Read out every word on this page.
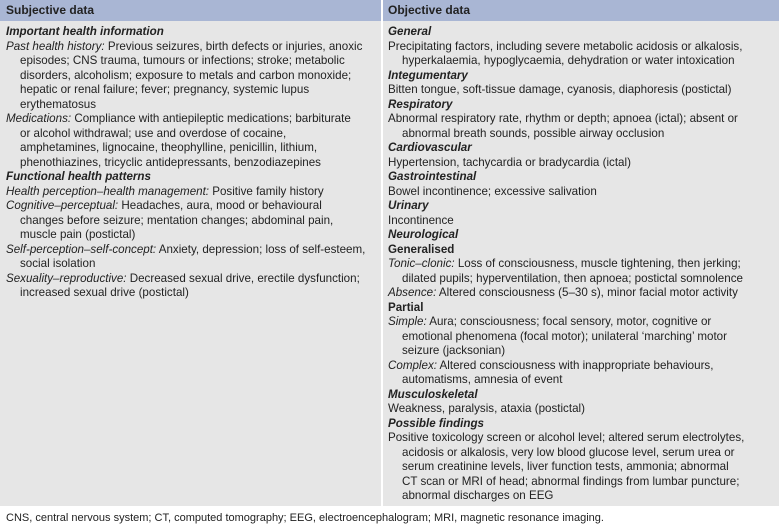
Subjective data	Objective data
Important health information
Past health history: Previous seizures, birth defects or injuries, anoxic
episodes; CNS trauma, tumours or infections; stroke; metabolic
disorders, alcoholism; exposure to metals and carbon monoxide;
hepatic or renal failure; fever; pregnancy, systemic lupus
erythematosus
Medications: Compliance with antiepileptic medications; barbiturate
or alcohol withdrawal; use and overdose of cocaine,
amphetamines, lignocaine, theophylline, penicillin, lithium,
phenothiazines, tricyclic antidepressants, benzodiazepines
Functional health patterns
Health perception–health management: Positive family history
Cognitive–perceptual: Headaches, aura, mood or behavioural
changes before seizure; mentation changes; abdominal pain,
muscle pain (postictal)
Self-perception–self-concept: Anxiety, depression; loss of self-esteem,
social isolation
Sexuality–reproductive: Decreased sexual drive, erectile dysfunction;
increased sexual drive (postictal)
General
Precipitating factors, including severe metabolic acidosis or alkalosis,
hyperkalaemia, hypoglycaemia, dehydration or water intoxication
Integumentary
Bitten tongue, soft-tissue damage, cyanosis, diaphoresis (postictal)
Respiratory
Abnormal respiratory rate, rhythm or depth; apnoea (ictal); absent or
abnormal breath sounds, possible airway occlusion
Cardiovascular
Hypertension, tachycardia or bradycardia (ictal)
Gastrointestinal
Bowel incontinence; excessive salivation
Urinary
Incontinence
Neurological
Generalised
Tonic–clonic: Loss of consciousness, muscle tightening, then jerking;
dilated pupils; hyperventilation, then apnoea; postictal somnolence
Absence: Altered consciousness (5–30 s), minor facial motor activity
Partial
Simple: Aura; consciousness; focal sensory, motor, cognitive or
emotional phenomena (focal motor); unilateral ‘marching’ motor
seizure (jacksonian)
Complex: Altered consciousness with inappropriate behaviours,
automatisms, amnesia of event
Musculoskeletal
Weakness, paralysis, ataxia (postictal)
Possible findings
Positive toxicology screen or alcohol level; altered serum electrolytes,
acidosis or alkalosis, very low blood glucose level, serum urea or
serum creatinine levels, liver function tests, ammonia; abnormal
CT scan or MRI of head; abnormal findings from lumbar puncture;
abnormal discharges on EEG
CNS, central nervous system; CT, computed tomography; EEG, electroencephalogram; MRI, magnetic resonance imaging.
